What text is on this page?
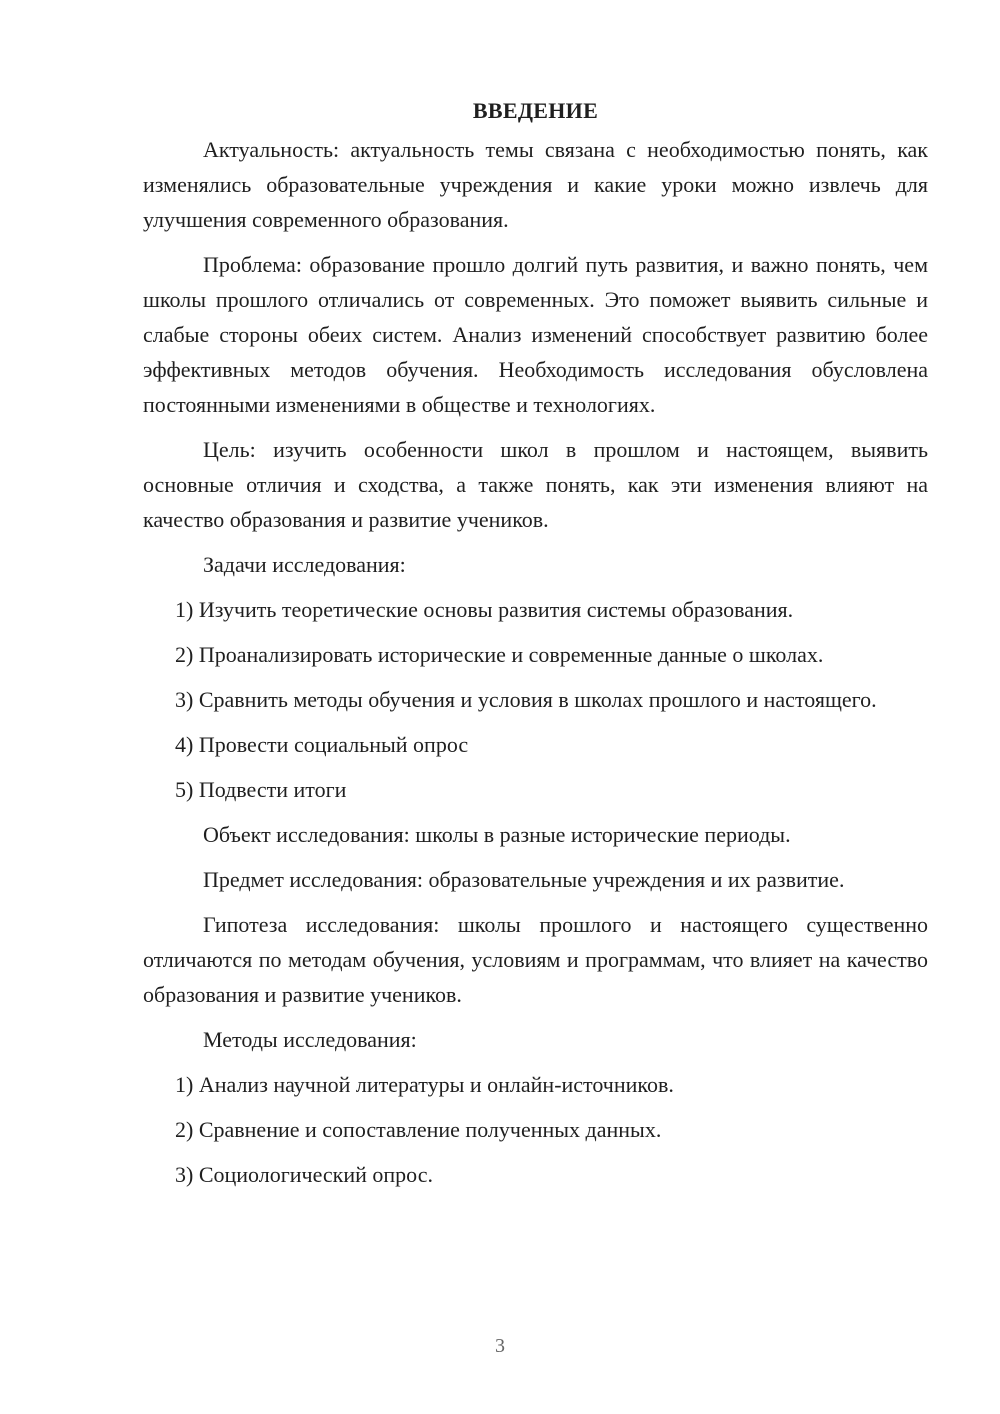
ВВЕДЕНИЕ

Актуальность: актуальность темы связана с необходимостью понять, как изменялись образовательные учреждения и какие уроки можно извлечь для улучшения современного образования.

Проблема: образование прошло долгий путь развития, и важно понять, чем школы прошлого отличались от современных. Это поможет выявить сильные и слабые стороны обеих систем. Анализ изменений способствует развитию более эффективных методов обучения. Необходимость исследования обусловлена постоянными изменениями в обществе и технологиях.

Цель: изучить особенности школ в прошлом и настоящем, выявить основные отличия и сходства, а также понять, как эти изменения влияют на качество образования и развитие учеников.

Задачи исследования:

1) Изучить теоретические основы развития системы образования.

2) Проанализировать исторические и современные данные о школах.

3) Сравнить методы обучения и условия в школах прошлого и настоящего.

4) Провести социальный опрос

5) Подвести итоги

Объект исследования: школы в разные исторические периоды.

Предмет исследования: образовательные учреждения и их развитие.

Гипотеза исследования: школы прошлого и настоящего существенно отличаются по методам обучения, условиям и программам, что влияет на качество образования и развитие учеников.

Методы исследования:

1) Анализ научной литературы и онлайн-источников.

2) Сравнение и сопоставление полученных данных.

3) Социологический опрос.

3
